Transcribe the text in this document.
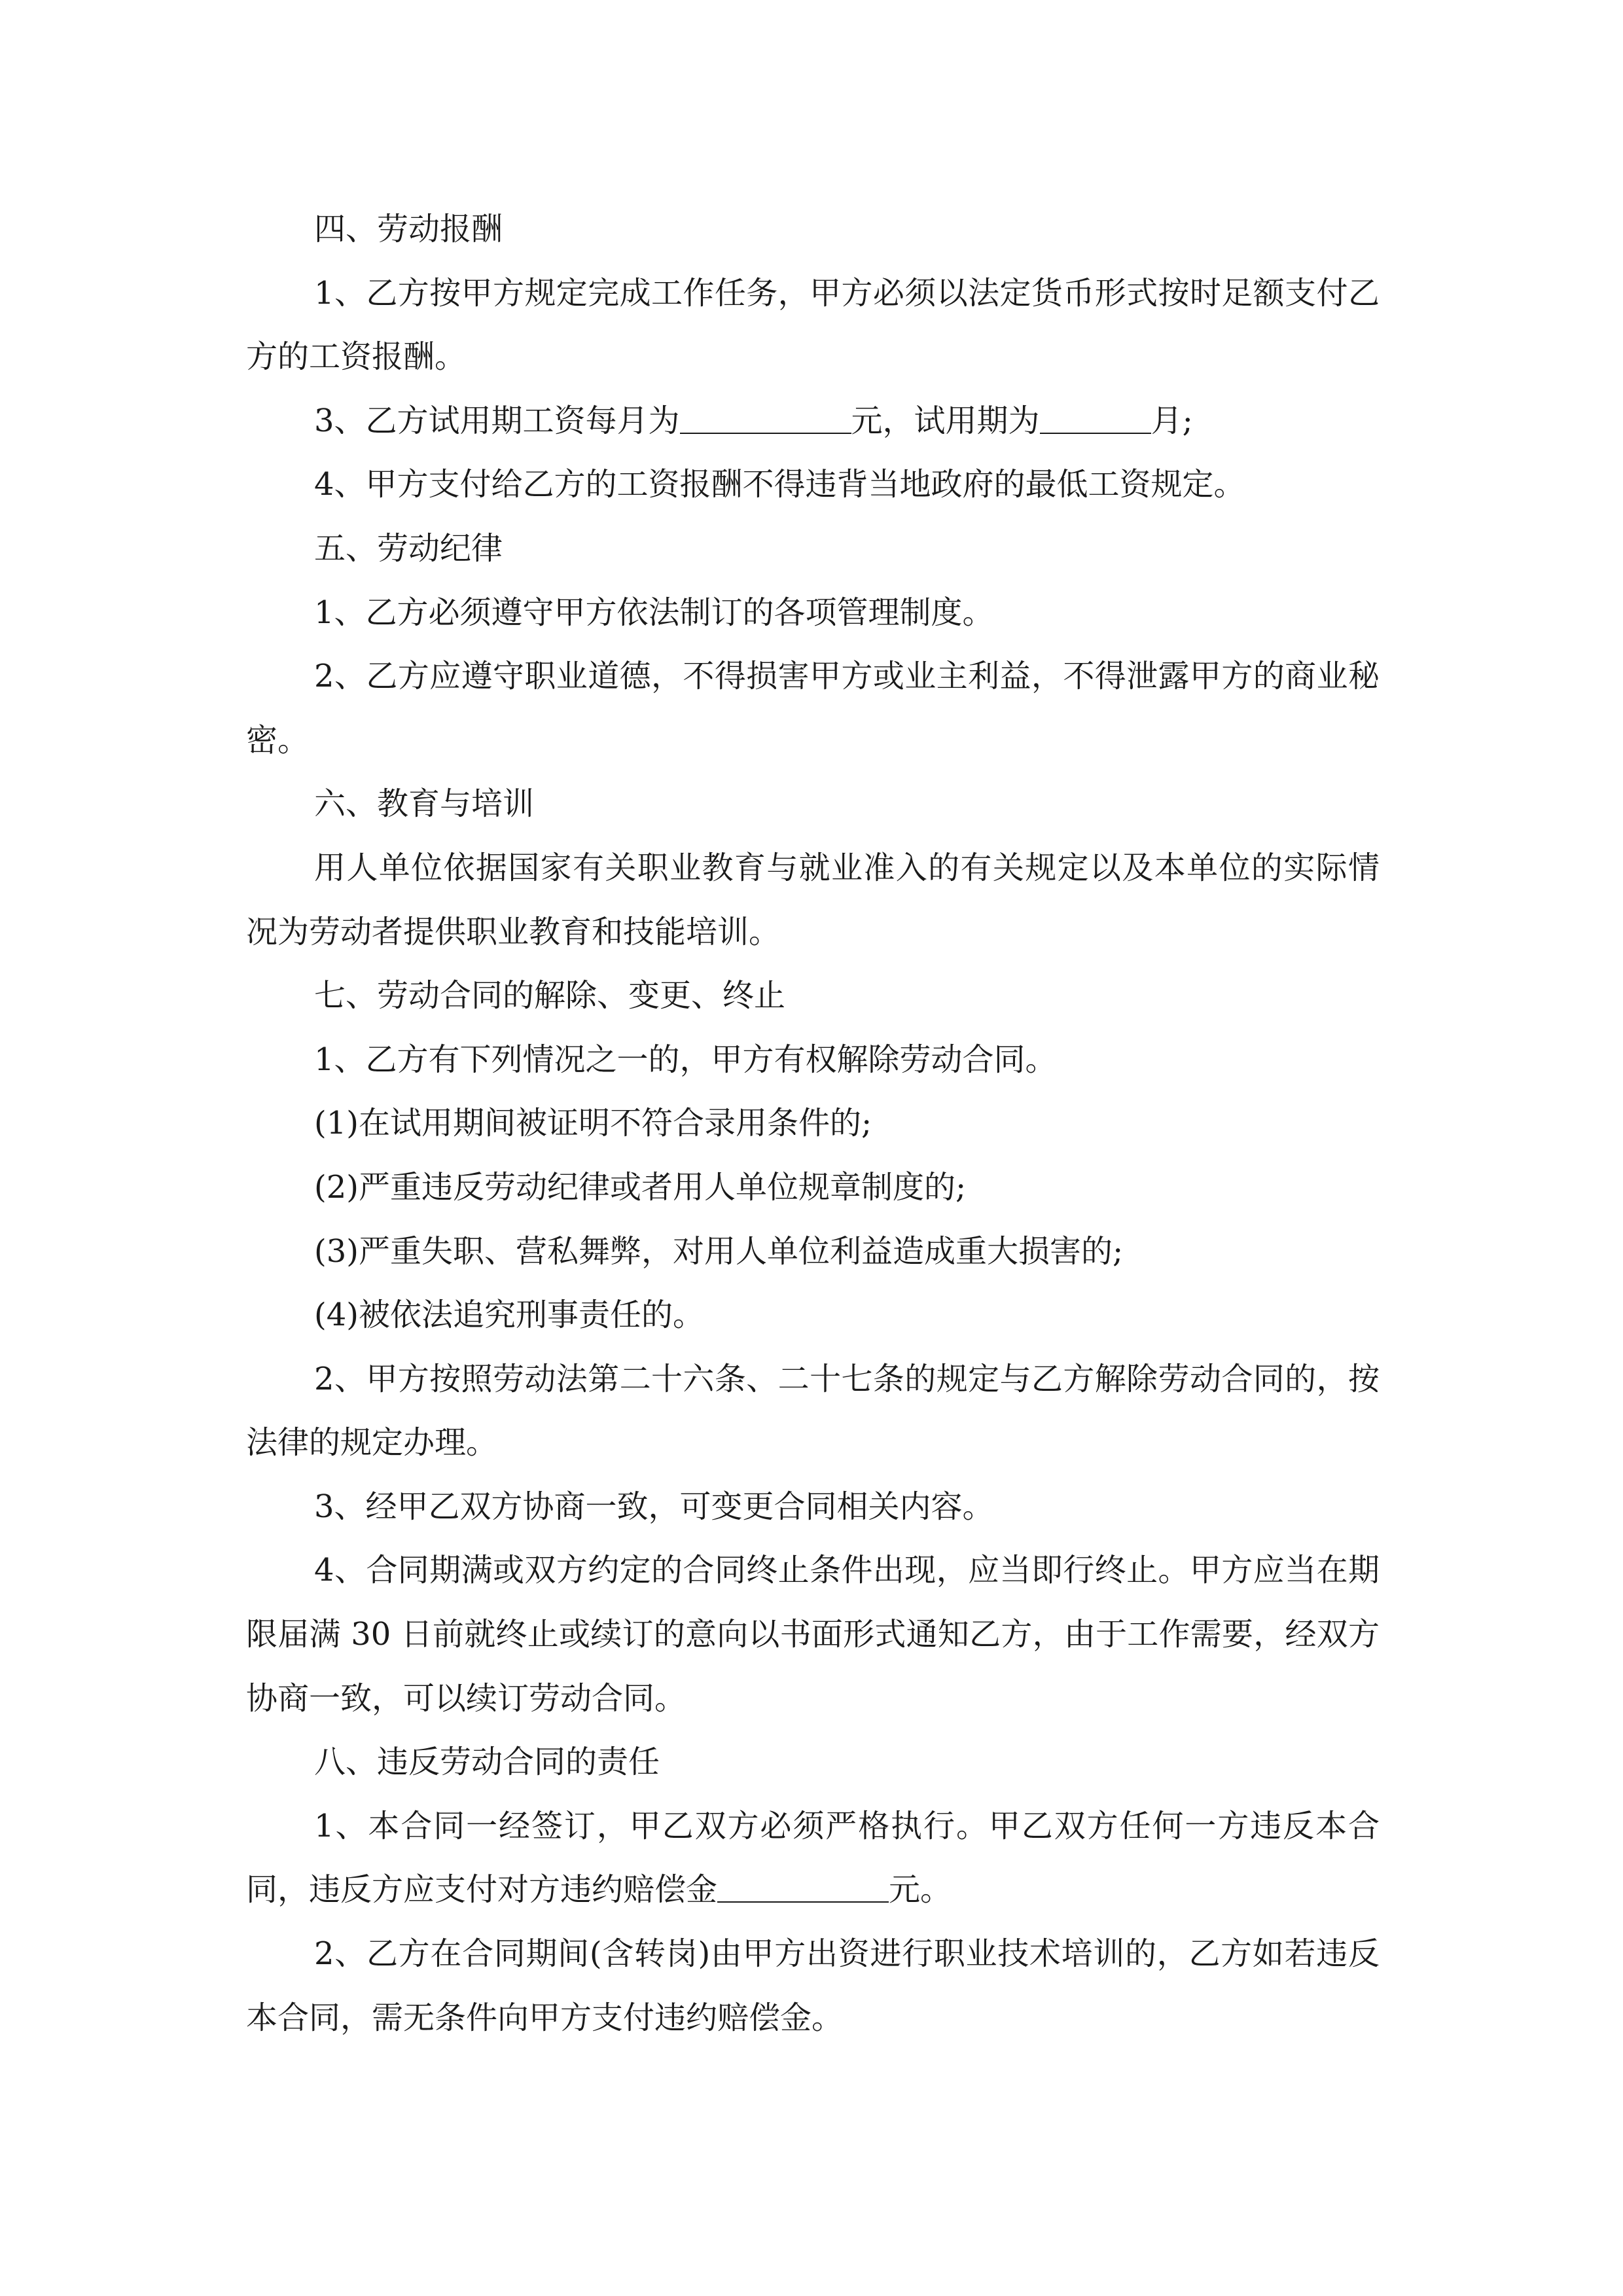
四、劳动报酬

1、乙方按甲方规定完成工作任务，甲方必须以法定货币形式按时足额支付乙方的工资报酬。

3、乙方试用期工资每月为	元，试用期为	月;

4、甲方支付给乙方的工资报酬不得违背当地政府的最低工资规定。

五、劳动纪律

1、乙方必须遵守甲方依法制订的各项管理制度。

2、乙方应遵守职业道德，不得损害甲方或业主利益，不得泄露甲方的商业秘密。

六、教育与培训

用人单位依据国家有关职业教育与就业准入的有关规定以及本单位的实际情况为劳动者提供职业教育和技能培训。

七、劳动合同的解除、变更、终止

1、乙方有下列情况之一的，甲方有权解除劳动合同。

(1)在试用期间被证明不符合录用条件的;

(2)严重违反劳动纪律或者用人单位规章制度的;

(3)严重失职、营私舞弊，对用人单位利益造成重大损害的;

(4)被依法追究刑事责任的。

2、甲方按照劳动法第二十六条、二十七条的规定与乙方解除劳动合同的，按法律的规定办理。

3、经甲乙双方协商一致，可变更合同相关内容。

4、合同期满或双方约定的合同终止条件出现，应当即行终止。甲方应当在期限届满 30 日前就终止或续订的意向以书面形式通知乙方，由于工作需要，经双方协商一致，可以续订劳动合同。

八、违反劳动合同的责任

1、本合同一经签订，甲乙双方必须严格执行。甲乙双方任何一方违反本合同，违反方应支付对方违约赔偿金	元。

2、乙方在合同期间(含转岗)由甲方出资进行职业技术培训的，乙方如若违反本合同，需无条件向甲方支付违约赔偿金。
